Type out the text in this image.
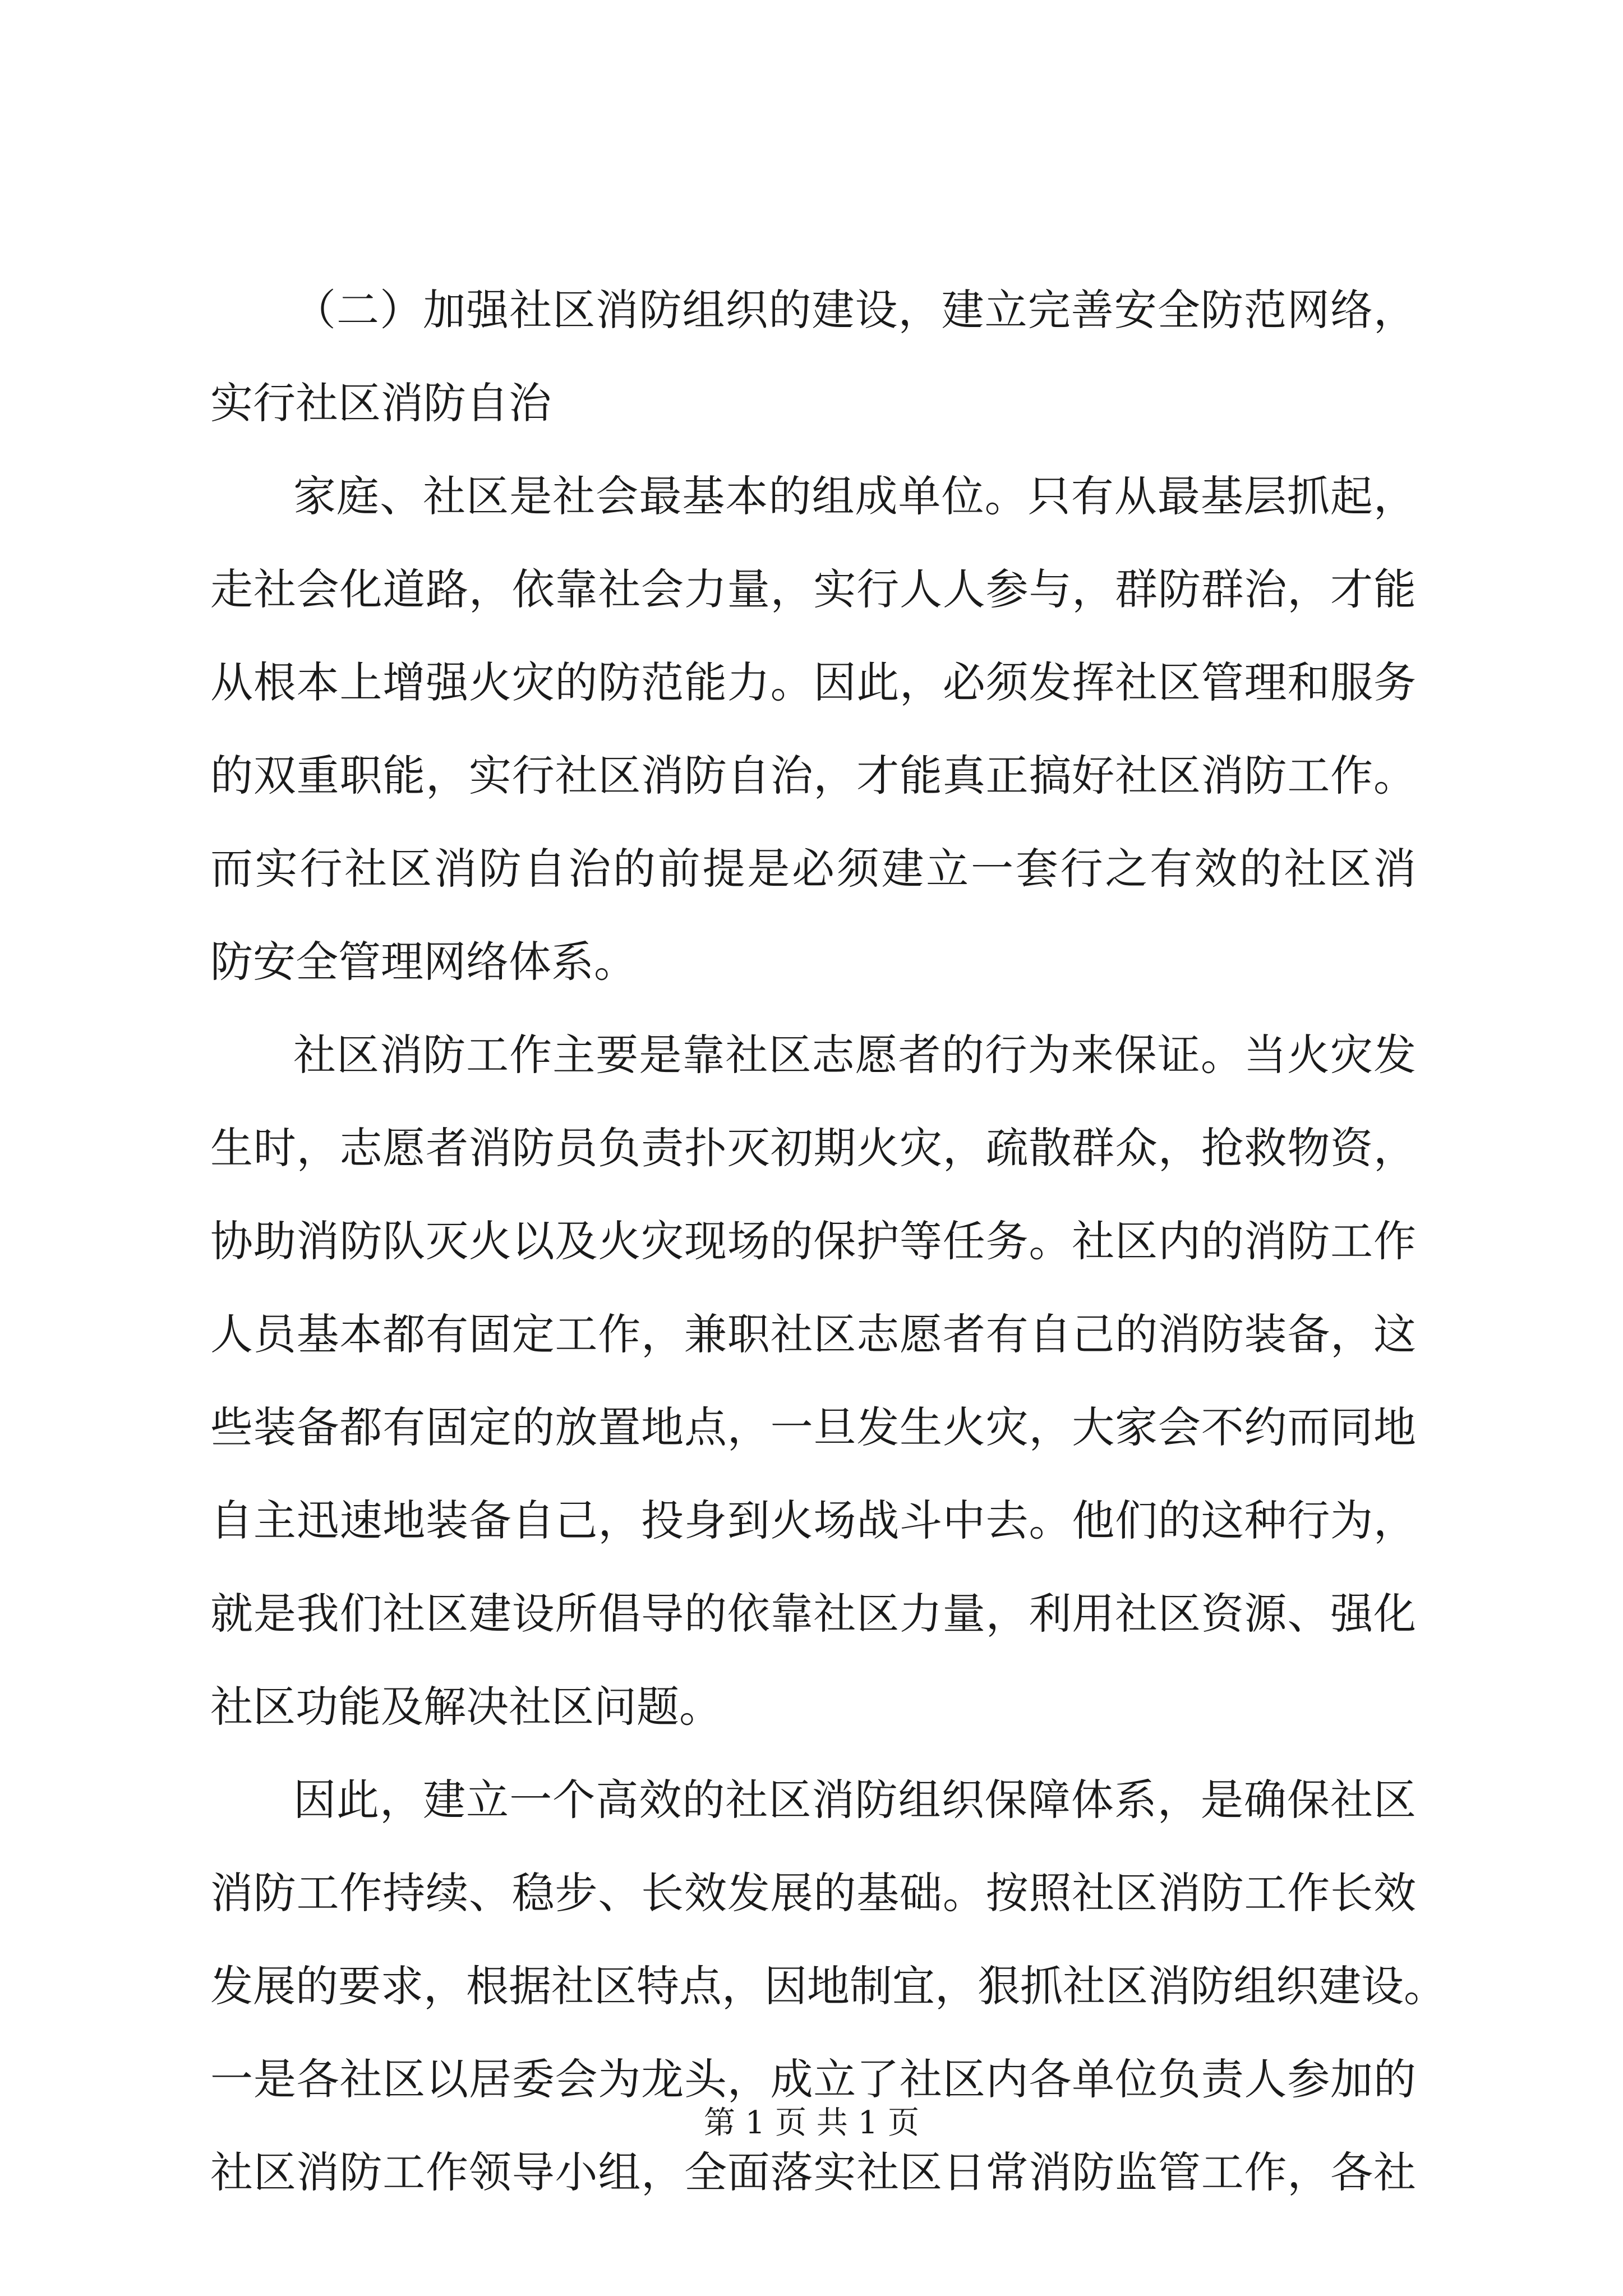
（二）加强社区消防组织的建设，建立完善安全防范网络，
实行社区消防自治
家庭、社区是社会最基本的组成单位。只有从最基层抓起，
走社会化道路，依靠社会力量，实行人人参与，群防群治，才能
从根本上增强火灾的防范能力。因此，必须发挥社区管理和服务
的双重职能，实行社区消防自治，才能真正搞好社区消防工作。
而实行社区消防自治的前提是必须建立一套行之有效的社区消
防安全管理网络体系。
社区消防工作主要是靠社区志愿者的行为来保证。当火灾发
生时，志愿者消防员负责扑灭初期火灾，疏散群众，抢救物资，
协助消防队灭火以及火灾现场的保护等任务。社区内的消防工作
人员基本都有固定工作，兼职社区志愿者有自己的消防装备，这
些装备都有固定的放置地点，一旦发生火灾，大家会不约而同地
自主迅速地装备自己，投身到火场战斗中去。他们的这种行为，
就是我们社区建设所倡导的依靠社区力量，利用社区资源、强化
社区功能及解决社区问题。
因此，建立一个高效的社区消防组织保障体系，是确保社区
消防工作持续、稳步、长效发展的基础。按照社区消防工作长效
发展的要求，根据社区特点，因地制宜，狠抓社区消防组织建设。
一是各社区以居委会为龙头，成立了社区内各单位负责人参加的
社区消防工作领导小组，全面落实社区日常消防监管工作，各社
第 1 页 共 1 页
